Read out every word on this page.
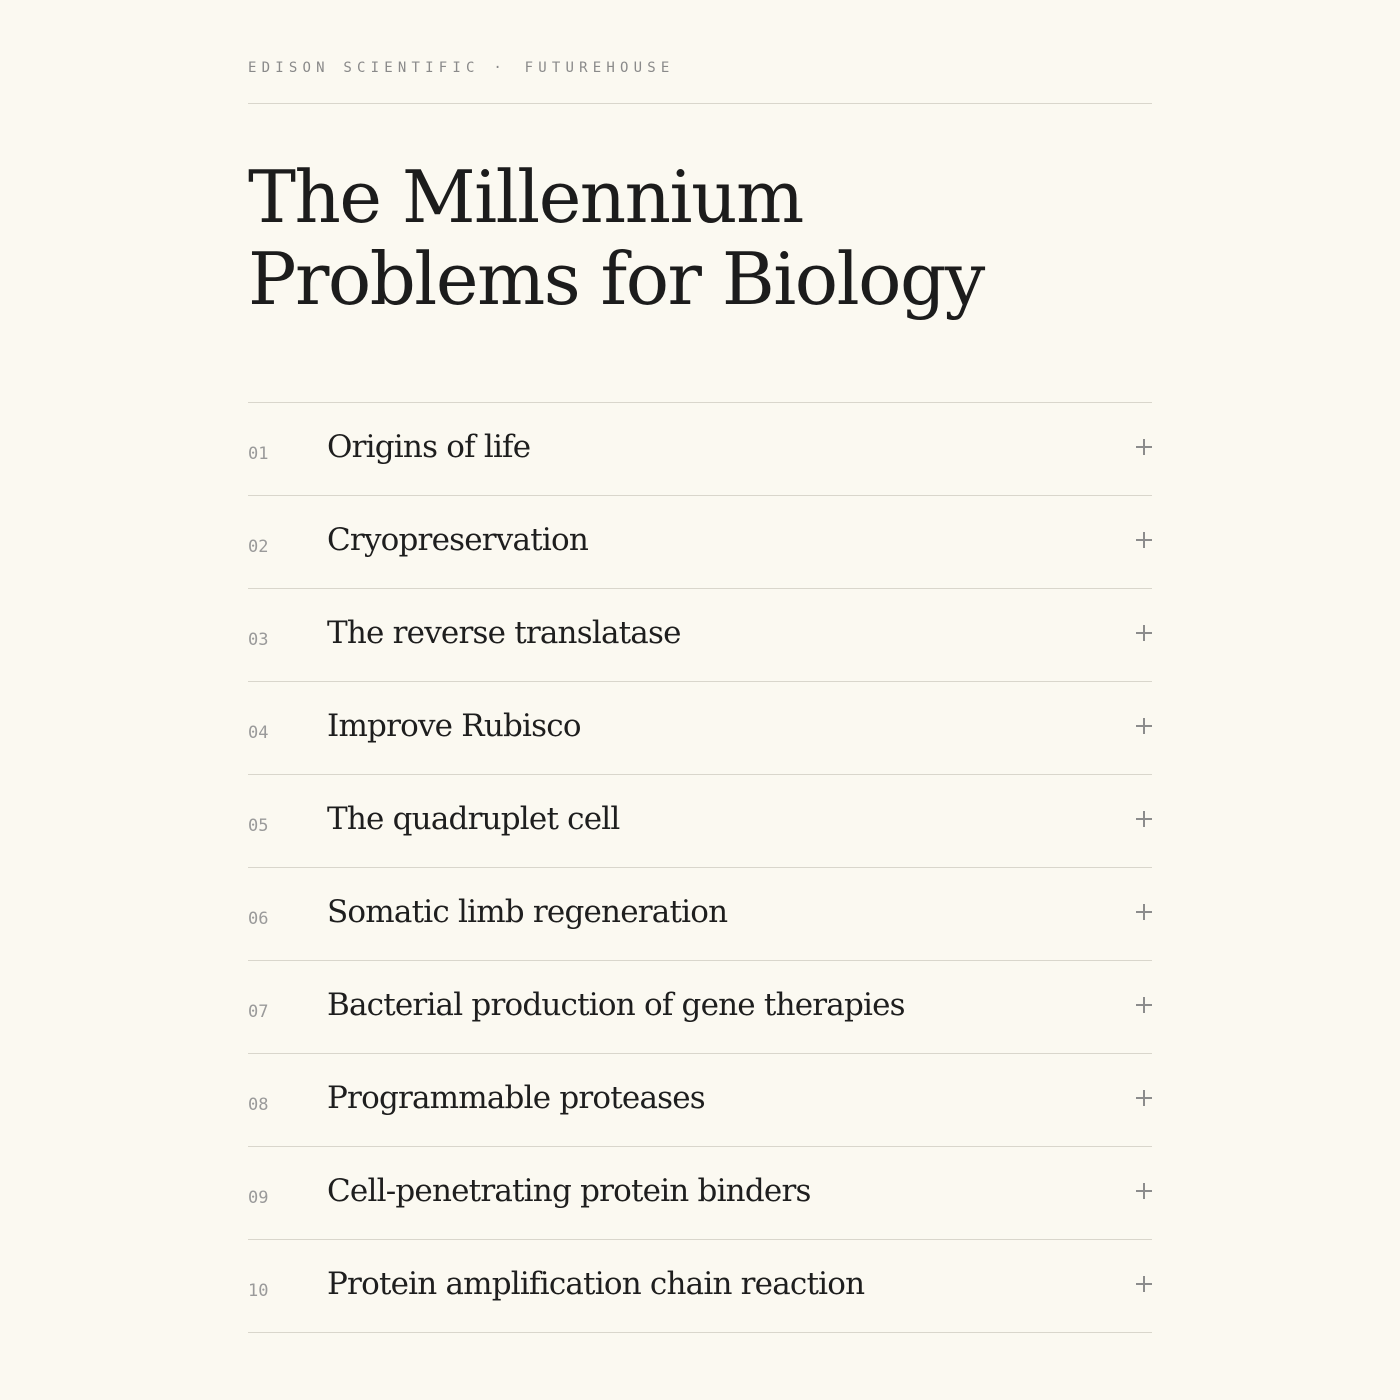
EDISON SCIENTIFIC · FUTUREHOUSE
The Millennium
Problems for Biology
01 Origins of life
02 Cryopreservation
03 The reverse translatase
04 Improve Rubisco
05 The quadruplet cell
06 Somatic limb regeneration
07 Bacterial production of gene therapies
08 Programmable proteases
09 Cell-penetrating protein binders
10 Protein amplification chain reaction
